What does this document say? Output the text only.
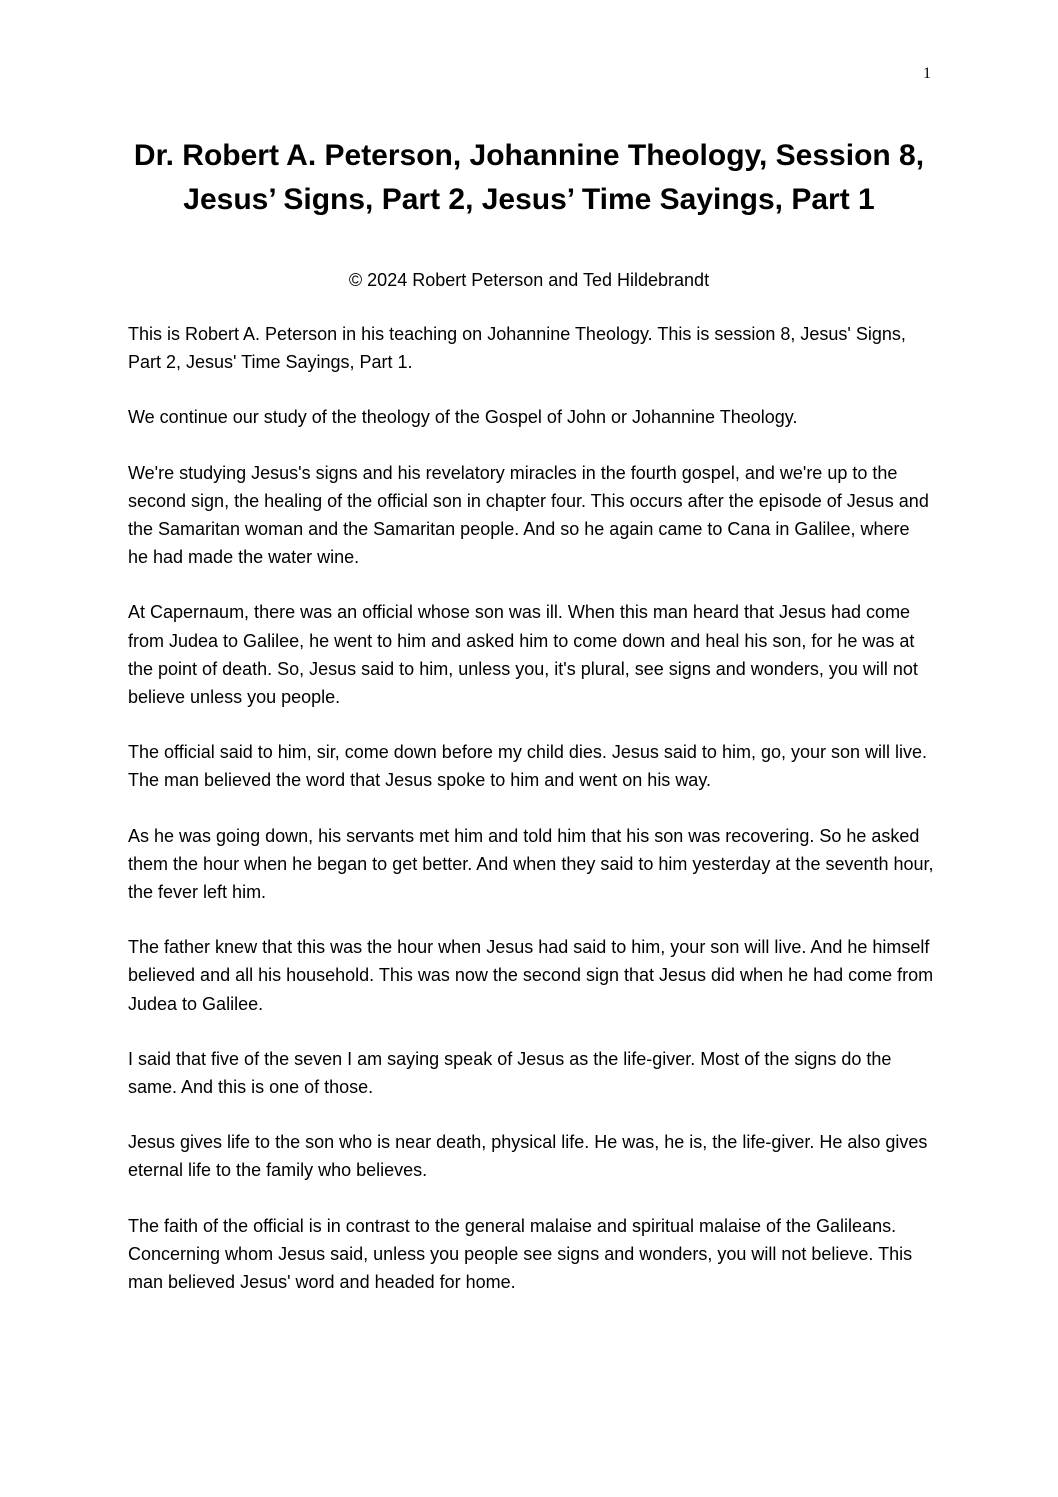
1
Dr. Robert A. Peterson, Johannine Theology, Session 8, Jesus’ Signs, Part 2, Jesus’ Time Sayings, Part 1
© 2024 Robert Peterson and Ted Hildebrandt

This is Robert A. Peterson in his teaching on Johannine Theology. This is session 8, Jesus' Signs, Part 2, Jesus' Time Sayings, Part 1.

We continue our study of the theology of the Gospel of John or Johannine Theology.

We're studying Jesus's signs and his revelatory miracles in the fourth gospel, and we're up to the second sign, the healing of the official son in chapter four. This occurs after the episode of Jesus and the Samaritan woman and the Samaritan people. And so he again came to Cana in Galilee, where he had made the water wine.

At Capernaum, there was an official whose son was ill. When this man heard that Jesus had come from Judea to Galilee, he went to him and asked him to come down and heal his son, for he was at the point of death. So, Jesus said to him, unless you, it's plural, see signs and wonders, you will not believe unless you people.

The official said to him, sir, come down before my child dies. Jesus said to him, go, your son will live. The man believed the word that Jesus spoke to him and went on his way.

As he was going down, his servants met him and told him that his son was recovering. So he asked them the hour when he began to get better. And when they said to him yesterday at the seventh hour, the fever left him.

The father knew that this was the hour when Jesus had said to him, your son will live. And he himself believed and all his household. This was now the second sign that Jesus did when he had come from Judea to Galilee.

I said that five of the seven I am saying speak of Jesus as the life-giver. Most of the signs do the same. And this is one of those.

Jesus gives life to the son who is near death, physical life. He was, he is, the life-giver. He also gives eternal life to the family who believes.

The faith of the official is in contrast to the general malaise and spiritual malaise of the Galileans. Concerning whom Jesus said, unless you people see signs and wonders, you will not believe. This man believed Jesus' word and headed for home.
